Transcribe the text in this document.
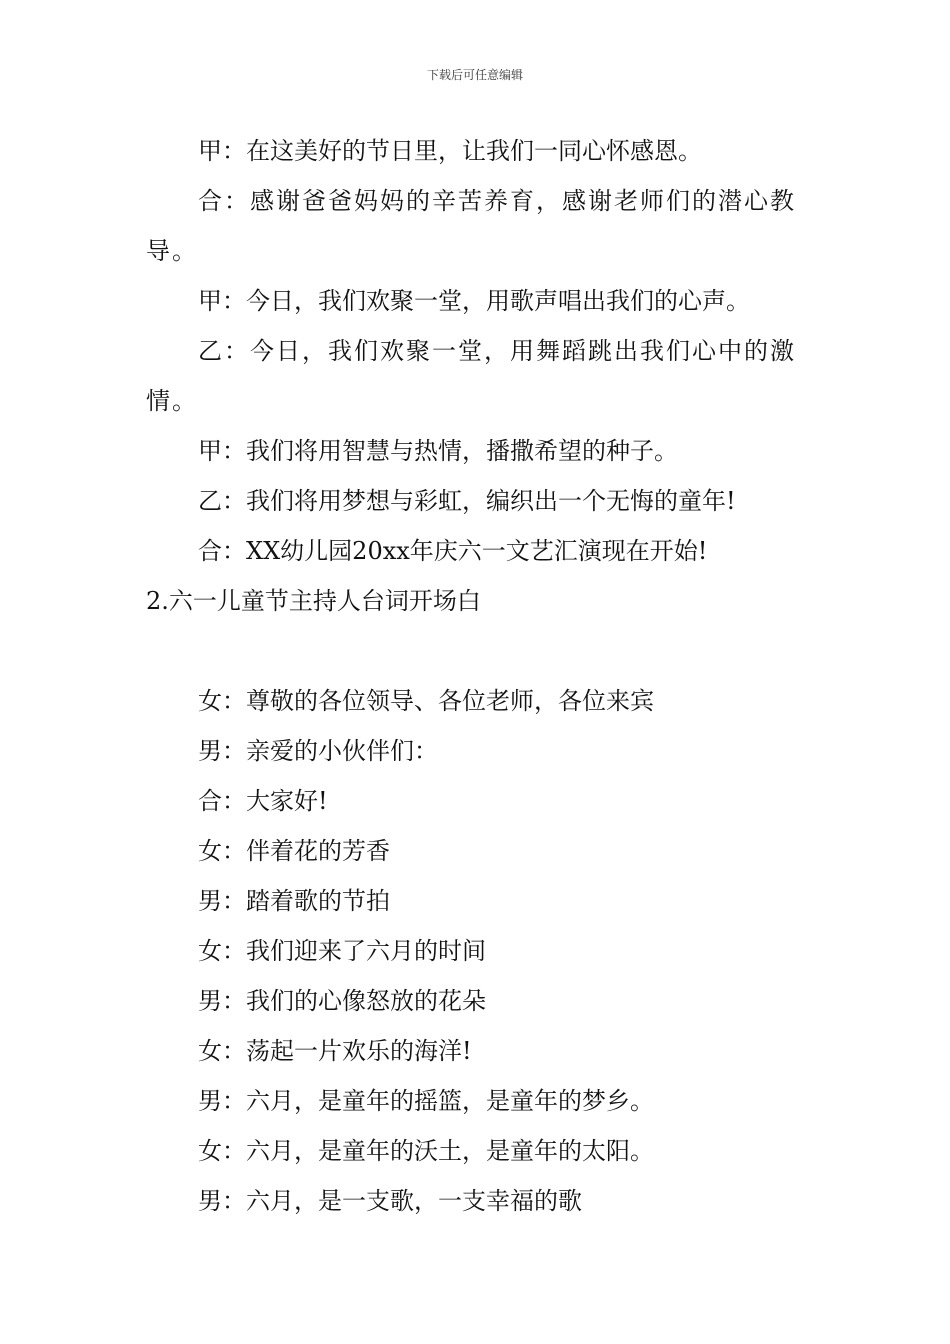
下载后可任意编辑

甲：在这美好的节日里，让我们一同心怀感恩。

合：感谢爸爸妈妈的辛苦养育，感谢老师们的潜心教导。

甲：今日，我们欢聚一堂，用歌声唱出我们的心声。

乙：今日，我们欢聚一堂，用舞蹈跳出我们心中的激情。

甲：我们将用智慧与热情，播撒希望的种子。

乙：我们将用梦想与彩虹，编织出一个无悔的童年!

合：XX幼儿园20xx年庆六一文艺汇演现在开始!

2.六一儿童节主持人台词开场白

女：尊敬的各位领导、各位老师，各位来宾

男：亲爱的小伙伴们：

合：大家好!

女：伴着花的芳香

男：踏着歌的节拍

女：我们迎来了六月的时间

男：我们的心像怒放的花朵

女：荡起一片欢乐的海洋!

男：六月，是童年的摇篮，是童年的梦乡。

女：六月，是童年的沃土，是童年的太阳。

男：六月，是一支歌，一支幸福的歌
